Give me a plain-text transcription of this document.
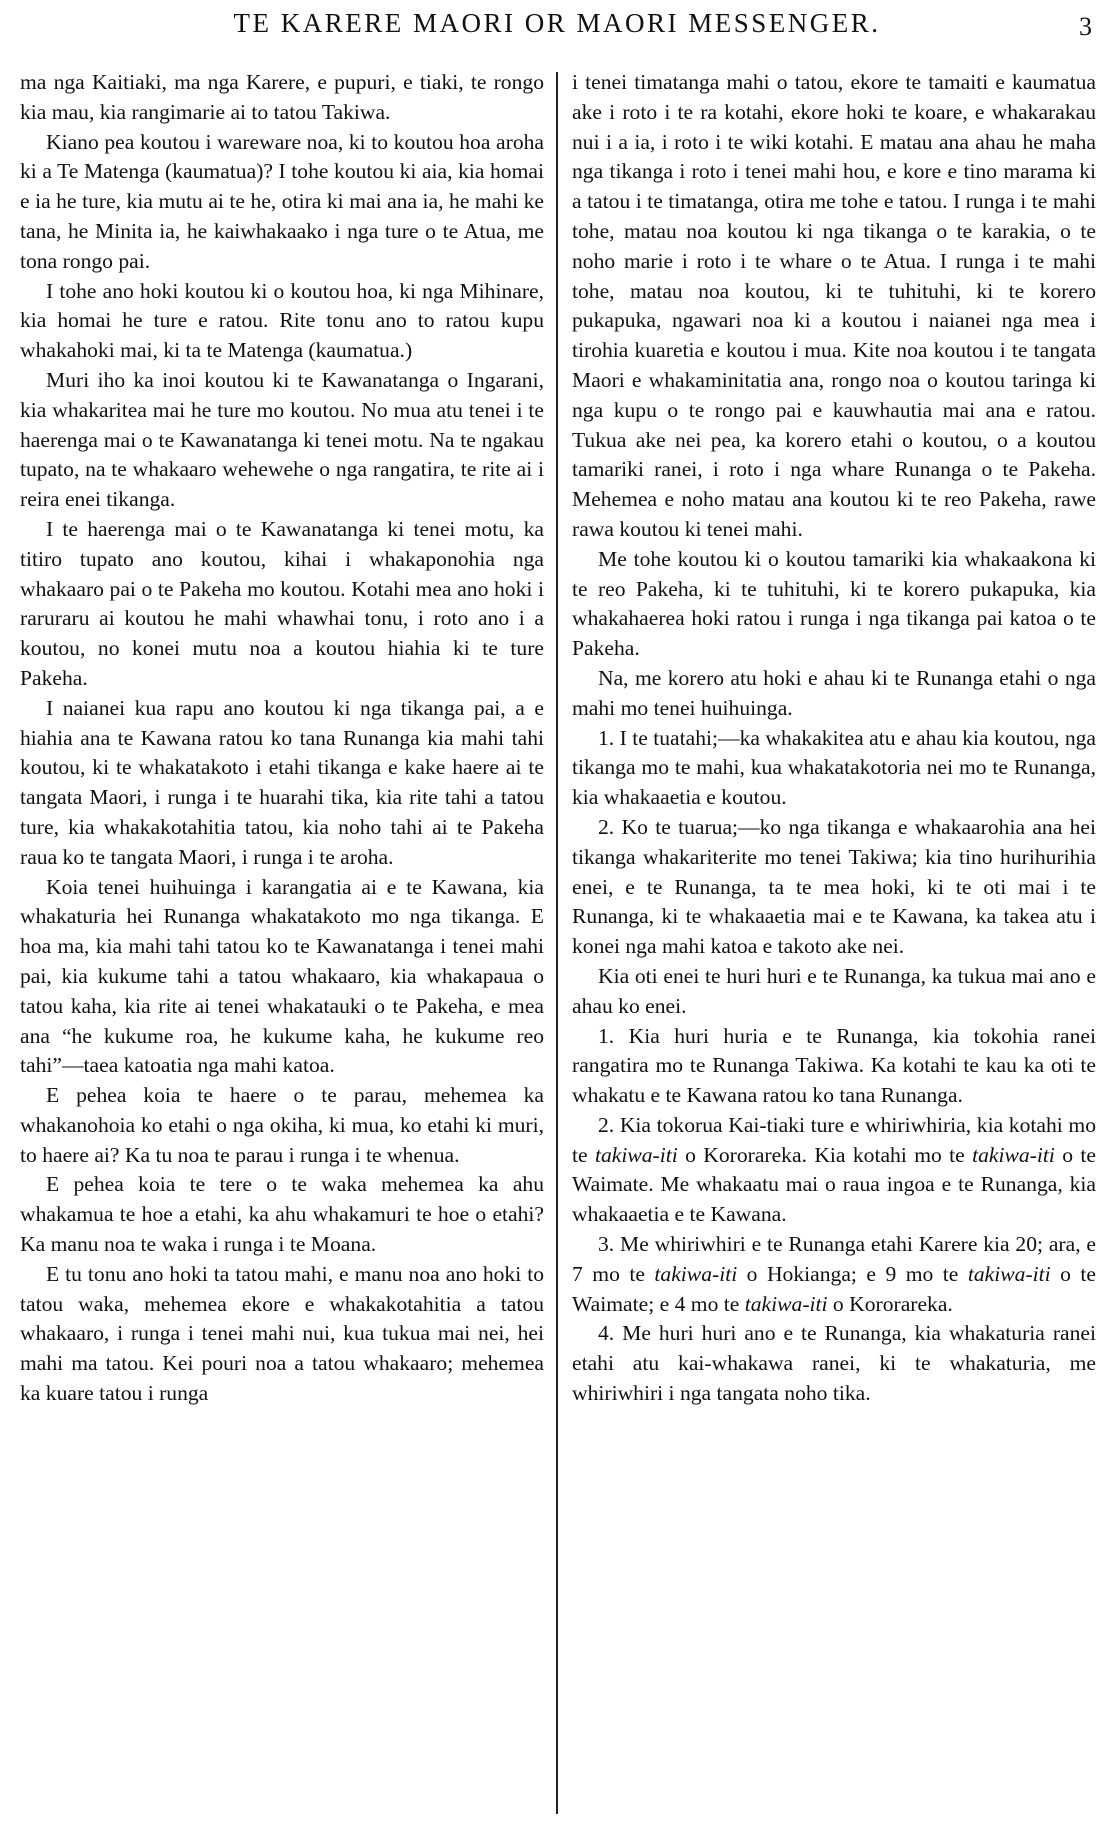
TE KARERE MAORI OR MAORI MESSENGER.	3

ma nga Kaitiaki, ma nga Karere, e pupuri, e tiaki, te rongo kia mau, kia rangimarie ai to tatou Takiwa.

Kiano pea koutou i wareware noa, ki to koutou hoa aroha ki a Te Matenga (kaumatua)? I tohe koutou ki aia, kia homai e ia he ture, kia mutu ai te he, otira ki mai ana ia, he mahi ke tana, he Minita ia, he kaiwhakaako i nga ture o te Atua, me tona rongo pai.

I tohe ano hoki koutou ki o koutou hoa, ki nga Mihinare, kia homai he ture e ratou. Rite tonu ano to ratou kupu whakahoki mai, ki ta te Matenga (kaumatua.)

Muri iho ka inoi koutou ki te Kawanatanga o Ingarani, kia whakaritea mai he ture mo koutou. No mua atu tenei i te haerenga mai o te Kawanatanga ki tenei motu. Na te ngakau tupato, na te whakaaro wehewehe o nga rangatira, te rite ai i reira enei tikanga.

I te haerenga mai o te Kawanatanga ki tenei motu, ka titiro tupato ano koutou, kihai i whakaponohia nga whakaaro pai o te Pakeha mo koutou. Kotahi mea ano hoki i raruraru ai koutou he mahi whawhai tonu, i roto ano i a koutou, no konei mutu noa a koutou hiahia ki te ture Pakeha.

I naianei kua rapu ano koutou ki nga tikanga pai, a e hiahia ana te Kawana ratou ko tana Runanga kia mahi tahi koutou, ki te whakatakoto i etahi tikanga e kake haere ai te tangata Maori, i runga i te huarahi tika, kia rite tahi a tatou ture, kia whakakotahitia tatou, kia noho tahi ai te Pakeha raua ko te tangata Maori, i runga i te aroha.

Koia tenei huihuinga i karangatia ai e te Kawana, kia whakaturia hei Runanga whakatakoto mo nga tikanga. E hoa ma, kia mahi tahi tatou ko te Kawanatanga i tenei mahi pai, kia kukume tahi a tatou whakaaro, kia whakapaua o tatou kaha, kia rite ai tenei whakatauki o te Pakeha, e mea ana “he kukume roa, he kukume kaha, he kukume reo tahi”—taea katoatia nga mahi katoa.

E pehea koia te haere o te parau, mehemea ka whakanohoia ko etahi o nga okiha, ki mua, ko etahi ki muri, to haere ai? Ka tu noa te parau i runga i te whenua.

E pehea koia te tere o te waka mehemea ka ahu whakamua te hoe a etahi, ka ahu whakamuri te hoe o etahi? Ka manu noa te waka i runga i te Moana.

E tu tonu ano hoki ta tatou mahi, e manu noa ano hoki to tatou waka, mehemea ekore e whakakotahitia a tatou whakaaro, i runga i tenei mahi nui, kua tukua mai nei, hei mahi ma tatou. Kei pouri noa a tatou whakaaro; mehemea ka kuare tatou i runga

i tenei timatanga mahi o tatou, ekore te tamaiti e kaumatua ake i roto i te ra kotahi, ekore hoki te koare, e whakarakau nui i a ia, i roto i te wiki kotahi. E matau ana ahau he maha nga tikanga i roto i tenei mahi hou, e kore e tino marama ki a tatou i te timatanga, otira me tohe e tatou. I runga i te mahi tohe, matau noa koutou ki nga tikanga o te karakia, o te noho marie i roto i te whare o te Atua. I runga i te mahi tohe, matau noa koutou, ki te tuhituhi, ki te korero pukapuka, ngawari noa ki a koutou i naianei nga mea i tirohia kuaretia e koutou i mua. Kite noa koutou i te tangata Maori e whakaminitatia ana, rongo noa o koutou taringa ki nga kupu o te rongo pai e kauwhautia mai ana e ratou. Tukua ake nei pea, ka korero etahi o koutou, o a koutou tamariki ranei, i roto i nga whare Runanga o te Pakeha. Mehemea e noho matau ana koutou ki te reo Pakeha, rawe rawa koutou ki tenei mahi.

Me tohe koutou ki o koutou tamariki kia whakaakona ki te reo Pakeha, ki te tuhituhi, ki te korero pukapuka, kia whakahaerea hoki ratou i runga i nga tikanga pai katoa o te Pakeha.

Na, me korero atu hoki e ahau ki te Runanga etahi o nga mahi mo tenei huihuinga.

1. I te tuatahi;—ka whakakitea atu e ahau kia koutou, nga tikanga mo te mahi, kua whakatakotoria nei mo te Runanga, kia whakaaetia e koutou.

2. Ko te tuarua;—ko nga tikanga e whakaarohia ana hei tikanga whakariterite mo tenei Takiwa; kia tino hurihurihia enei, e te Runanga, ta te mea hoki, ki te oti mai i te Runanga, ki te whakaaetia mai e te Kawana, ka takea atu i konei nga mahi katoa e takoto ake nei.

Kia oti enei te huri huri e te Runanga, ka tukua mai ano e ahau ko enei.

1. Kia huri huria e te Runanga, kia tokohia ranei rangatira mo te Runanga Takiwa. Ka kotahi te kau ka oti te whakatu e te Kawana ratou ko tana Runanga.

2. Kia tokorua Kai-tiaki ture e whiriwhiria, kia kotahi mo te takiwa-iti o Kororareka. Kia kotahi mo te takiwa-iti o te Waimate. Me whakaatu mai o raua ingoa e te Runanga, kia whakaaetia e te Kawana.

3. Me whiriwhiri e te Runanga etahi Karere kia 20; ara, e 7 mo te takiwa-iti o Hokianga; e 9 mo te takiwa-iti o te Waimate; e 4 mo te takiwa-iti o Kororareka.

4. Me huri huri ano e te Runanga, kia whakaturia ranei etahi atu kai-whakawa ranei, ki te whakaturia, me whiriwhiri i nga tangata noho tika.
